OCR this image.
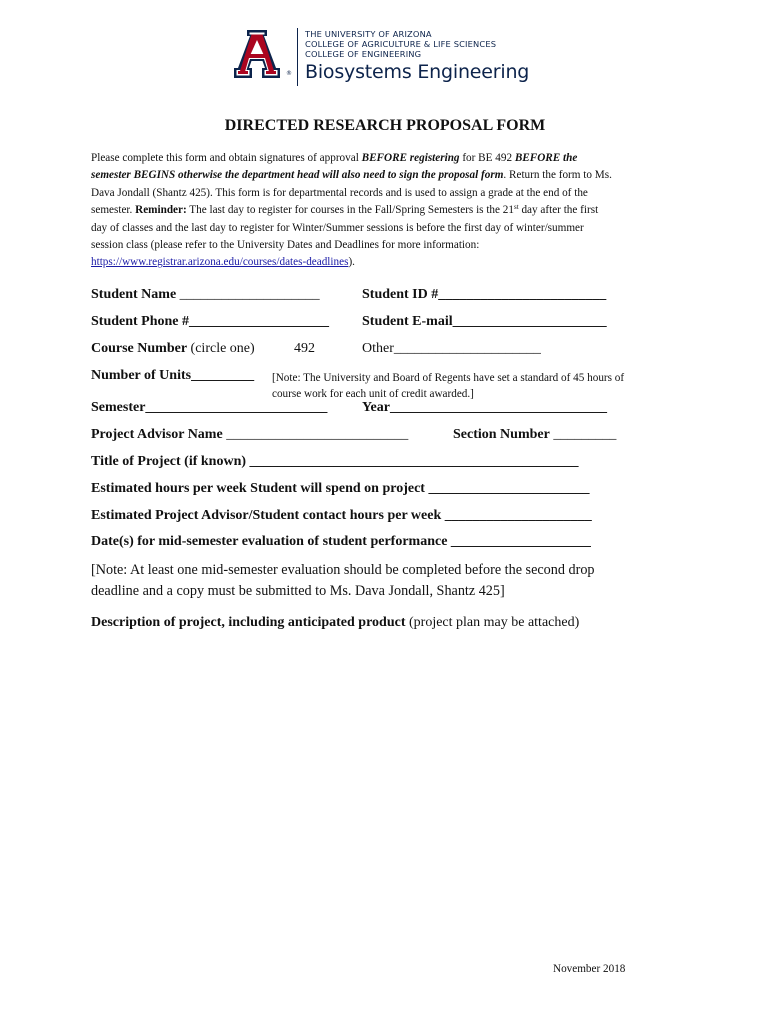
®
THE UNIVERSITY OF ARIZONA
COLLEGE OF AGRICULTURE & LIFE SCIENCES
COLLEGE OF ENGINEERING
Biosystems Engineering
DIRECTED RESEARCH PROPOSAL FORM
Please complete this form and obtain signatures of approval BEFORE registering for BE 492 BEFORE the
semester BEGINS otherwise the department head will also need to sign the proposal form. Return the form to Ms.
Dava Jondall (Shantz 425). This form is for departmental records and is used to assign a grade at the end of the
semester. Reminder: The last day to register for courses in the Fall/Spring Semesters is the 21st day after the first
day of classes and the last day to register for Winter/Summer sessions is before the first day of winter/summer
session class (please refer to the University Dates and Deadlines for more information:
https://www.registrar.arizona.edu/courses/dates-deadlines).
Student Name ____________________	Student ID #________________________
Student Phone #____________________ Student E-mail______________________
Course Number (circle one)	492	Other_____________________
Number of Units_________ [Note: The University and Board of Regents have set a standard of 45 hours of
course work for each unit of credit awarded.]
Semester__________________________ Year_______________________________
Project Advisor Name __________________________	Section Number _________
Title of Project (if known) _______________________________________________
Estimated hours per week Student will spend on project _______________________
Estimated Project Advisor/Student contact hours per week _____________________
Date(s) for mid-semester evaluation of student performance ____________________
[Note: At least one mid-semester evaluation should be completed before the second drop
deadline and a copy must be submitted to Ms. Dava Jondall, Shantz 425]
Description of project, including anticipated product (project plan may be attached)
November 2018
